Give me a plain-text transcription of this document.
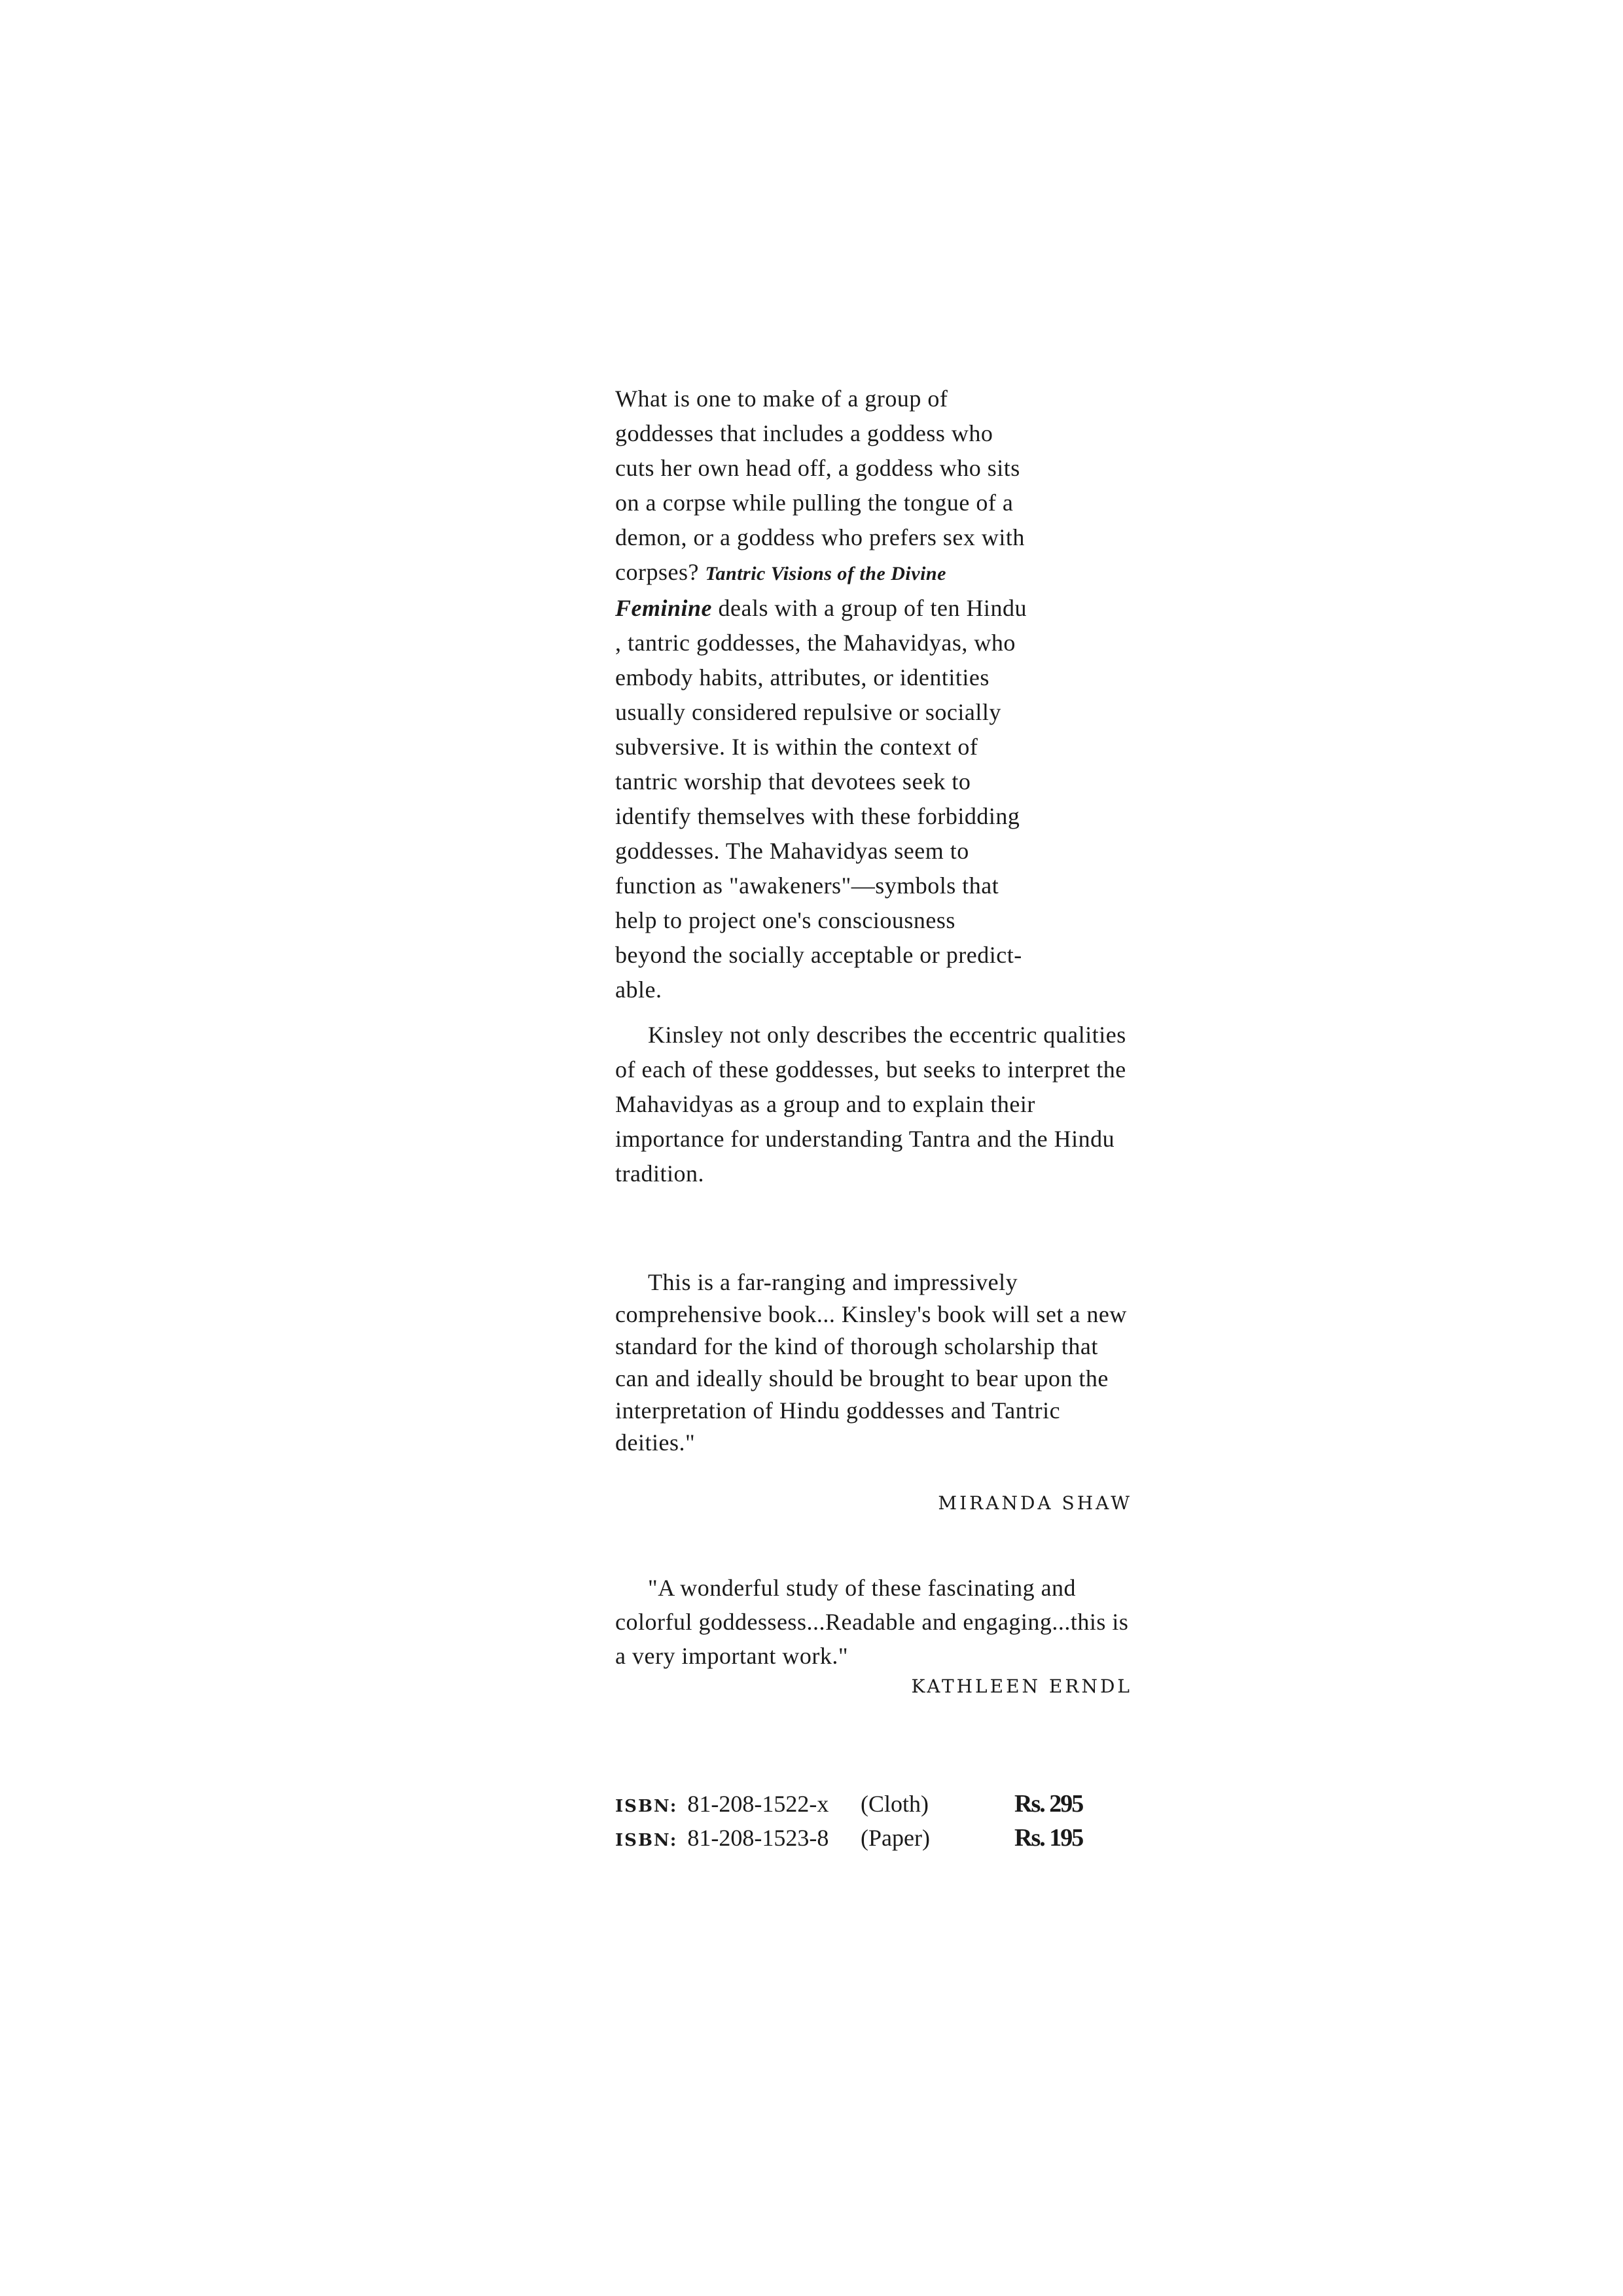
What is one to make of a group of
goddesses that includes a goddess who
cuts her own head off, a goddess who sits
on a corpse while pulling the tongue of a
demon, or a goddess who prefers sex with
corpses? Tantric Visions of the Divine
Feminine deals with a group of ten Hindu
, tantric goddesses, the Mahavidyas, who
embody habits, attributes, or identities
usually considered repulsive or socially
subversive. It is within the context of
tantric worship that devotees seek to
identify themselves with these forbidding
goddesses. The Mahavidyas seem to
function as "awakeners"—symbols that
help to project one's consciousness
beyond the socially acceptable or predict-
able.
Kinsley not only describes the eccentric qualities of each of these goddesses, but seeks to interpret the Mahavidyas as a group and to explain their importance for understanding Tantra and the Hindu tradition.
This is a far-ranging and impressively
comprehensive book... Kinsley's book will set a new standard for the kind of thorough scholarship that can and ideally should be brought to bear upon the interpretation of Hindu goddesses and Tantric deities."
MIRANDA SHAW
"A wonderful study of these fascinating and colorful goddessess...Readable and engaging...this is a very important work."
KATHLEEN ERNDL
ISBN: 81-208-1522-x (Cloth)	Rs. 295
ISBN: 81-208-1523-8 (Paper)	Rs. 195
